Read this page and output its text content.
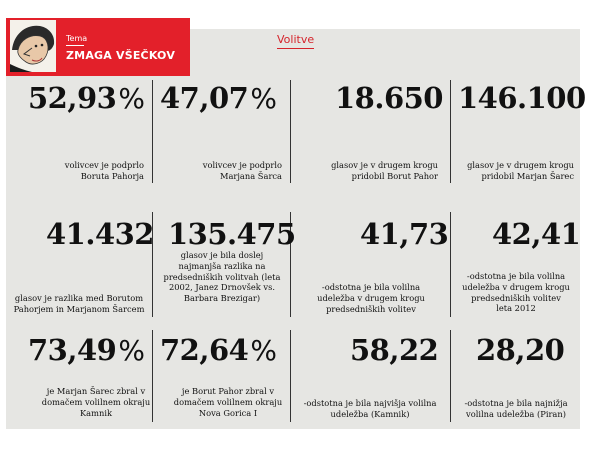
Tema
ZMAGA VŠEČKOV
Volitve
52,93%
volivcev je podprlo
Boruta Pahorja
47,07%
volivcev je podprlo
Marjana Šarca
18.650
glasov je v drugem krogu
pridobil Borut Pahor
146.100
glasov je v drugem krogu
pridobil Marjan Šarec
41.432
glasov je razlika med Borutom
Pahorjem in Marjanom Šarcem
135.475
glasov je bila doslej
najmanjša razlika na
predsedniških volitvah (leta
2002, Janez Drnovšek vs.
Barbara Brezigar)
41,73
-odstotna je bila volilna
udeležba v drugem krogu
predsedniških volitev
42,41
-odstotna je bila volilna
udeležba v drugem krogu
predsedniških volitev
leta 2012
73,49%
je Marjan Šarec zbral v
domačem volilnem okraju
Kamnik
72,64%
je Borut Pahor zbral v
domačem volilnem okraju
Nova Gorica I
58,22
-odstotna je bila najvišja volilna
udeležba (Kamnik)
28,20
-odstotna je bila najnižja
volilna udeležba (Piran)
